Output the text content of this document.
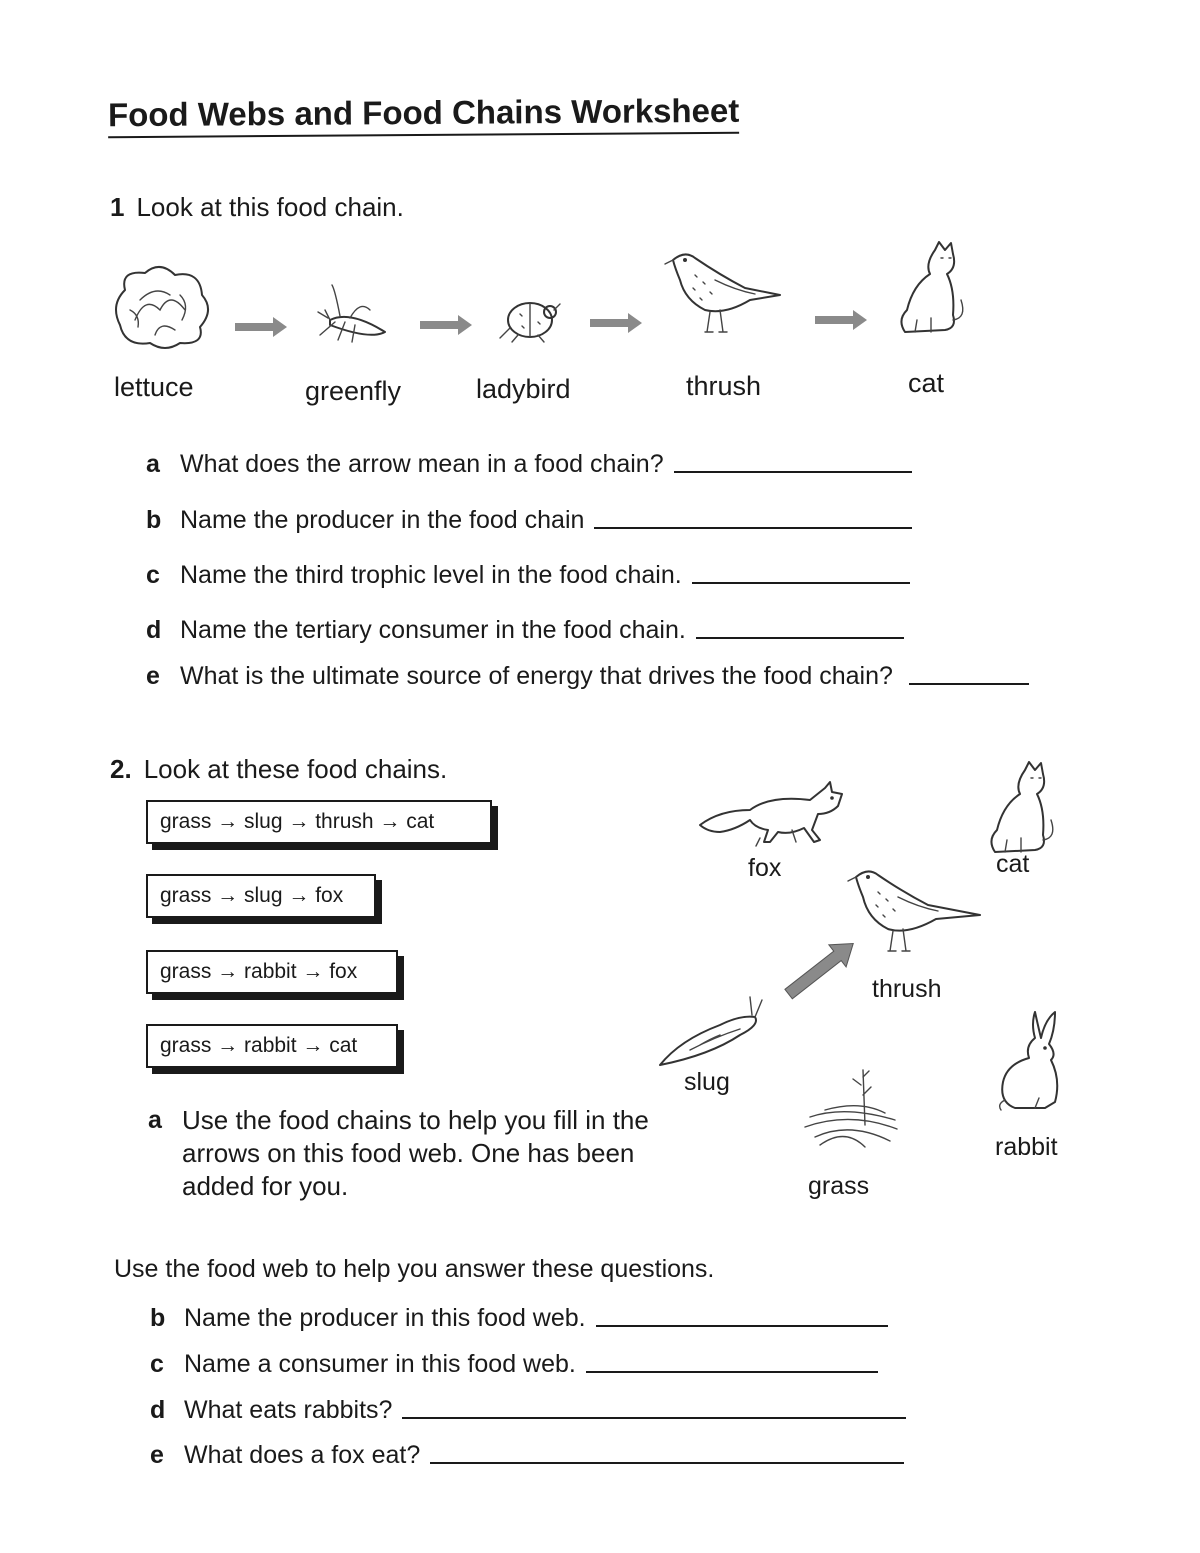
Food Webs and Food Chains Worksheet
1 Look at this food chain.
lettuce	greenfly	ladybird	thrush	cat
a What does the arrow mean in a food chain?
b Name the producer in the food chain
c Name the third trophic level in the food chain.
d Name the tertiary consumer in the food chain.
e What is the ultimate source of energy that drives the food chain?
2. Look at these food chains.
grass → slug → thrush → cat
grass → slug → fox
grass → rabbit → fox
grass → rabbit → cat
fox	cat
thrush
slug
grass
rabbit
a Use the food chains to help you fill in the arrows on this food web. One has been added for you.
Use the food web to help you answer these questions.
b Name the producer in this food web.
c Name a consumer in this food web.
d What eats rabbits?
e What does a fox eat?
